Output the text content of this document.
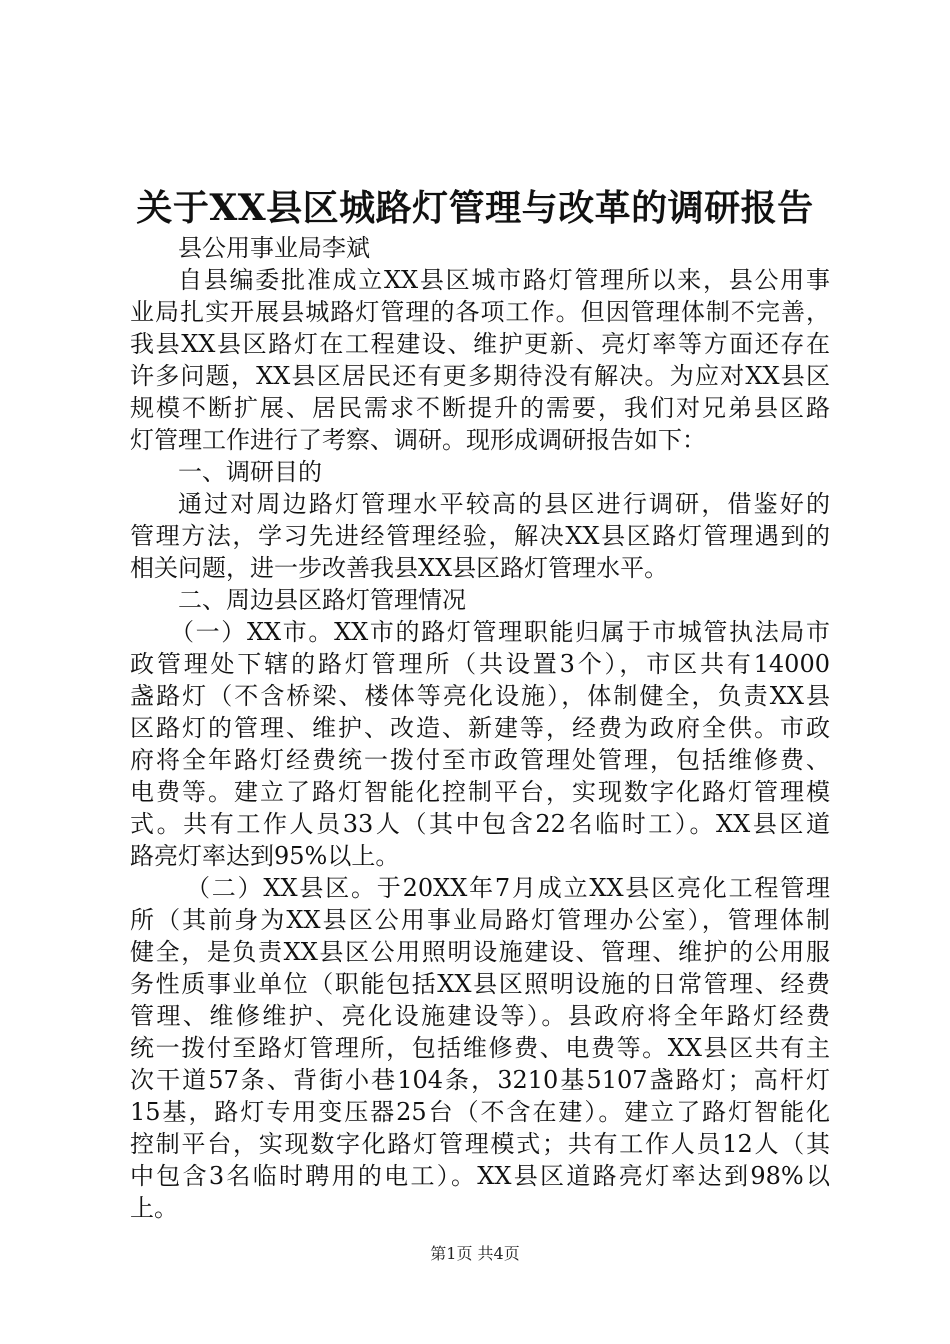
关于XX县区城路灯管理与改革的调研报告
县公用事业局李斌
自县编委批准成立XX县区城市路灯管理所以来，县公用事
业局扎实开展县城路灯管理的各项工作。但因管理体制不完善，
我县XX县区路灯在工程建设、维护更新、亮灯率等方面还存在
许多问题，XX县区居民还有更多期待没有解决。为应对XX县区
规模不断扩展、居民需求不断提升的需要，我们对兄弟县区路
灯管理工作进行了考察、调研。现形成调研报告如下：
一、调研目的
通过对周边路灯管理水平较高的县区进行调研，借鉴好的
管理方法，学习先进经管理经验，解决XX县区路灯管理遇到的
相关问题，进一步改善我县XX县区路灯管理水平。
二、周边县区路灯管理情况
（一）XX市。XX市的路灯管理职能归属于市城管执法局市
政管理处下辖的路灯管理所（共设置3个），市区共有14000
盏路灯（不含桥梁、楼体等亮化设施），体制健全，负责XX县
区路灯的管理、维护、改造、新建等，经费为政府全供。市政
府将全年路灯经费统一拨付至市政管理处管理，包括维修费、
电费等。建立了路灯智能化控制平台，实现数字化路灯管理模
式。共有工作人员33人（其中包含22名临时工）。XX县区道
路亮灯率达到95%以上。
（二）XX县区。于20XX年7月成立XX县区亮化工程管理
所（其前身为XX县区公用事业局路灯管理办公室），管理体制
健全，是负责XX县区公用照明设施建设、管理、维护的公用服
务性质事业单位（职能包括XX县区照明设施的日常管理、经费
管理、维修维护、亮化设施建设等）。县政府将全年路灯经费
统一拨付至路灯管理所，包括维修费、电费等。XX县区共有主
次干道57条、背街小巷104条，3210基5107盏路灯；高杆灯
15基，路灯专用变压器25台（不含在建）。建立了路灯智能化
控制平台，实现数字化路灯管理模式；共有工作人员12人（其
中包含3名临时聘用的电工）。XX县区道路亮灯率达到98%以
上。
第1页 共4页
